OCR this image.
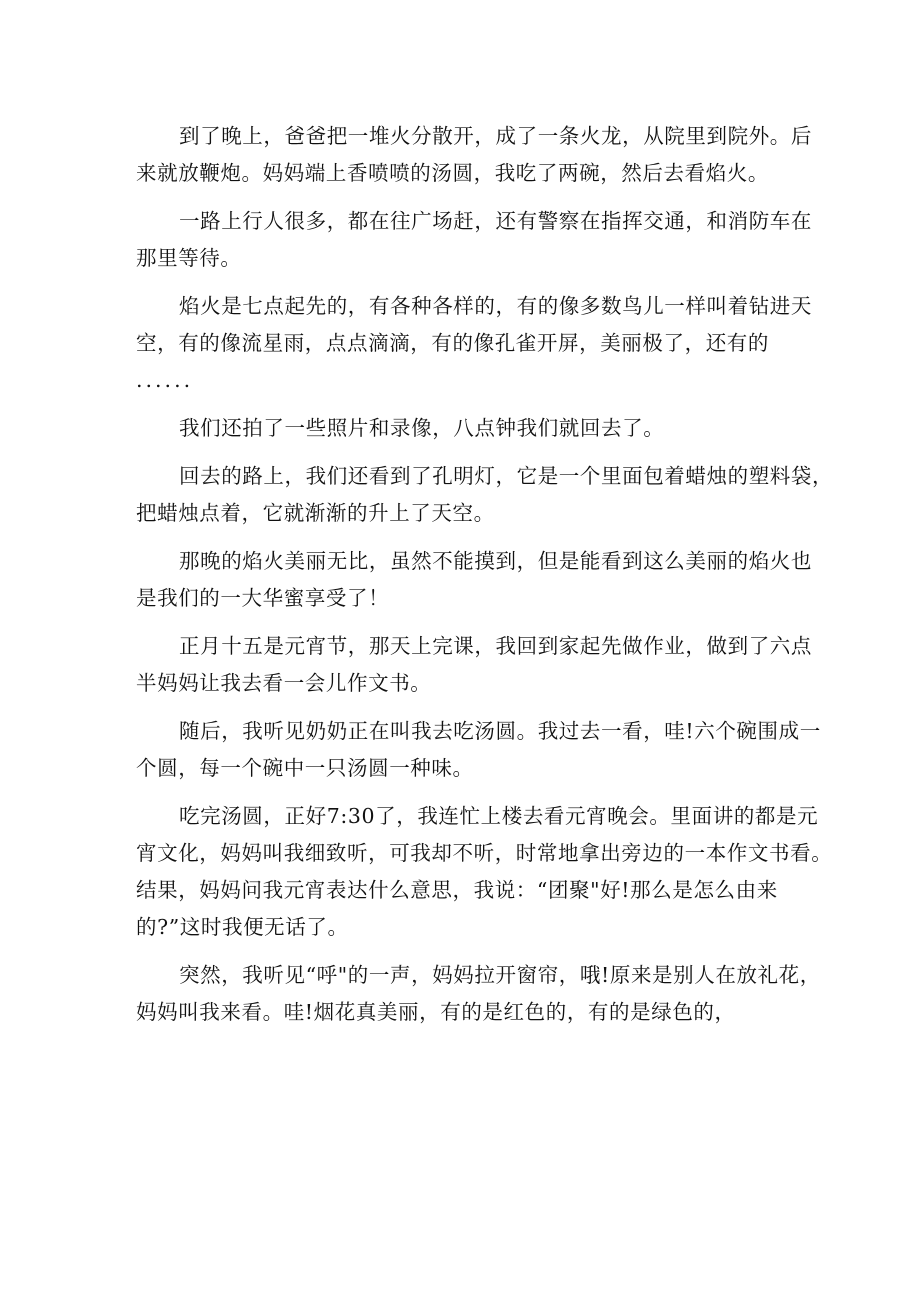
到了晚上，爸爸把一堆火分散开，成了一条火龙，从院里到院外。后
来就放鞭炮。妈妈端上香喷喷的汤圆，我吃了两碗，然后去看焰火。

一路上行人很多，都在往广场赶，还有警察在指挥交通，和消防车在
那里等待。

焰火是七点起先的，有各种各样的，有的像多数鸟儿一样叫着钻进天
空，有的像流星雨，点点滴滴，有的像孔雀开屏，美丽极了，还有的
......

我们还拍了一些照片和录像，八点钟我们就回去了。

回去的路上，我们还看到了孔明灯，它是一个里面包着蜡烛的塑料袋，
把蜡烛点着，它就渐渐的升上了天空。

那晚的焰火美丽无比，虽然不能摸到，但是能看到这么美丽的焰火也
是我们的一大华蜜享受了！

正月十五是元宵节，那天上完课，我回到家起先做作业，做到了六点
半妈妈让我去看一会儿作文书。

随后，我听见奶奶正在叫我去吃汤圆。我过去一看，哇!六个碗围成一
个圆，每一个碗中一只汤圆一种味。

吃完汤圆，正好7:30了，我连忙上楼去看元宵晚会。里面讲的都是元
宵文化，妈妈叫我细致听，可我却不听，时常地拿出旁边的一本作文书看。
结果，妈妈问我元宵表达什么意思，我说：“团聚"好!那么是怎么由来
的?”这时我便无话了。

突然，我听见“呼"的一声，妈妈拉开窗帘，哦!原来是别人在放礼花，
妈妈叫我来看。哇!烟花真美丽，有的是红色的，有的是绿色的，
